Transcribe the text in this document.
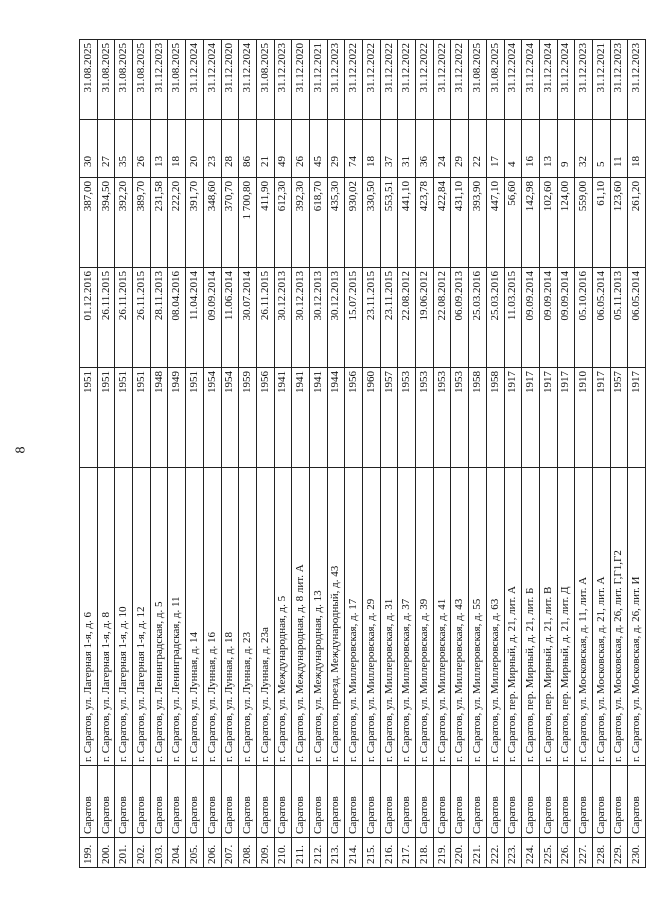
8
199.	Саратов	г. Саратов, ул. Лагерная 1-я, д. 6	1951	01.12.2016	387,00	30	31.08.2025
200.	Саратов	г. Саратов, ул. Лагерная 1-я, д. 8	1951	26.11.2015	394,50	27	31.08.2025
201.	Саратов	г. Саратов, ул. Лагерная 1-я, д. 10	1951	26.11.2015	392,20	35	31.08.2025
202.	Саратов	г. Саратов, ул. Лагерная 1-я, д. 12	1951	26.11.2015	389,70	26	31.08.2025
203.	Саратов	г. Саратов, ул. Ленинградская, д. 5	1948	28.11.2013	231,58	13	31.12.2023
204.	Саратов	г. Саратов, ул. Ленинградская, д. 11	1949	08.04.2016	222,20	18	31.08.2025
205.	Саратов	г. Саратов, ул. Лунная, д. 14	1951	11.04.2014	391,70	20	31.12.2024
206.	Саратов	г. Саратов, ул. Лунная, д. 16	1954	09.09.2014	348,60	23	31.12.2024
207.	Саратов	г. Саратов, ул. Лунная, д. 18	1954	11.06.2014	370,70	28	31.12.2020
208.	Саратов	г. Саратов, ул. Лунная, д. 23	1959	30.07.2014	1 700,80	86	31.12.2024
209.	Саратов	г. Саратов, ул. Лунная, д. 23а	1956	26.11.2015	411,90	21	31.08.2025
210.	Саратов	г. Саратов, ул. Международная, д. 5	1941	30.12.2013	612,30	49	31.12.2023
211.	Саратов	г. Саратов, ул. Международная, д. 8 лит. А	1941	30.12.2013	392,30	26	31.12.2020
212.	Саратов	г. Саратов, ул. Международная, д. 13	1941	30.12.2013	618,70	45	31.12.2021
213.	Саратов	г. Саратов, проезд. Международный, д. 43	1944	30.12.2013	435,30	29	31.12.2023
214.	Саратов	г. Саратов, ул. Миллеровская, д. 17	1956	15.07.2015	930,02	74	31.12.2022
215.	Саратов	г. Саратов, ул. Миллеровская, д. 29	1960	23.11.2015	330,50	18	31.12.2022
216.	Саратов	г. Саратов, ул. Миллеровская, д. 31	1957	23.11.2015	553,51	37	31.12.2022
217.	Саратов	г. Саратов, ул. Миллеровская, д. 37	1953	22.08.2012	441,10	31	31.12.2022
218.	Саратов	г. Саратов, ул. Миллеровская, д. 39	1953	19.06.2012	423,78	36	31.12.2022
219.	Саратов	г. Саратов, ул. Миллеровская, д. 41	1953	22.08.2012	422,84	24	31.12.2022
220.	Саратов	г. Саратов, ул. Миллеровская, д. 43	1953	06.09.2013	431,10	29	31.12.2022
221.	Саратов	г. Саратов, ул. Миллеровская, д. 55	1958	25.03.2016	393,90	22	31.08.2025
222.	Саратов	г. Саратов, ул. Миллеровская, д. 63	1958	25.03.2016	447,10	17	31.08.2025
223.	Саратов	г. Саратов, пер. Мирный, д. 21, лит. А	1917	11.03.2015	56,60	4	31.12.2024
224.	Саратов	г. Саратов, пер. Мирный, д. 21, лит. Б	1917	09.09.2014	142,98	16	31.12.2024
225.	Саратов	г. Саратов, пер. Мирный, д. 21, лит. В	1917	09.09.2014	102,60	13	31.12.2024
226.	Саратов	г. Саратов, пер. Мирный, д. 21, лит. Д	1917	09.09.2014	124,00	9	31.12.2024
227.	Саратов	г. Саратов, ул. Московская, д. 11, лит. А	1910	05.10.2016	559,00	32	31.12.2023
228.	Саратов	г. Саратов, ул. Московская, д. 21, лит. А	1917	06.05.2014	61,10	5	31.12.2021
229.	Саратов	г. Саратов, ул. Московская, д. 26, лит. Г,Г1,Г2	1957	05.11.2013	123,60	11	31.12.2023
230.	Саратов	г. Саратов, ул. Московская, д. 26, лит. И	1917	06.05.2014	261,20	18	31.12.2023
